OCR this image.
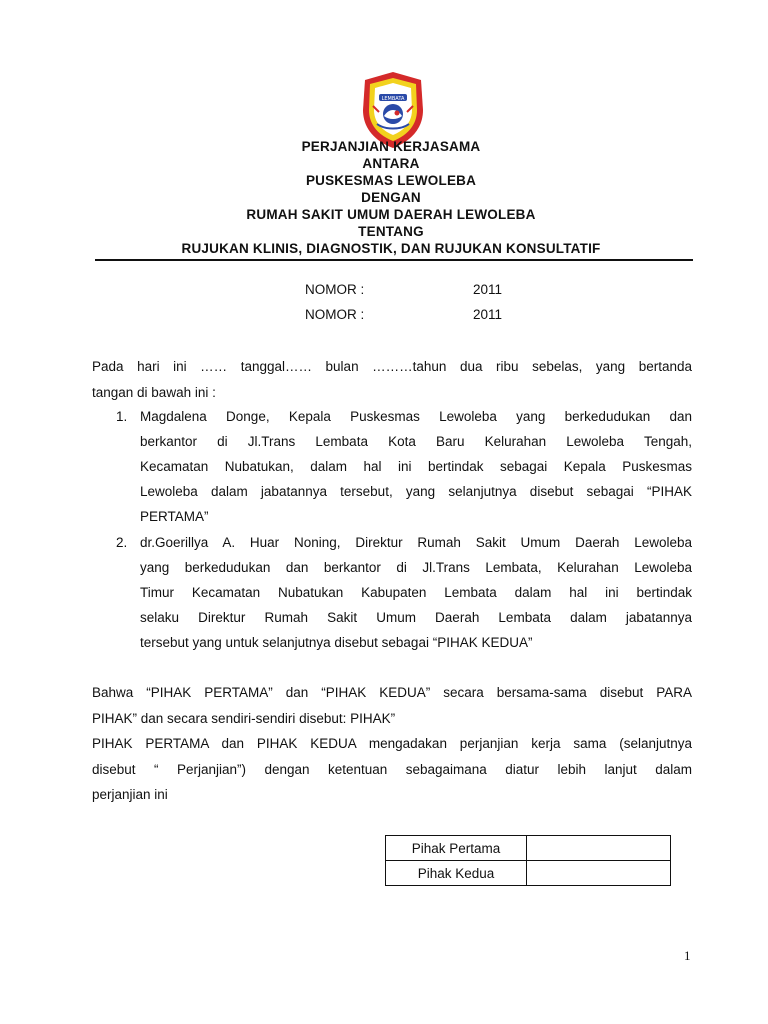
LEMBATA
PERJANJIAN KERJASAMA
ANTARA
PUSKESMAS LEWOLEBA
DENGAN
RUMAH SAKIT UMUM DAERAH LEWOLEBA
TENTANG
RUJUKAN KLINIS, DIAGNOSTIK, DAN RUJUKAN KONSULTATIF
NOMOR :	2011
NOMOR :	2011
Pada hari ini …… tanggal…… bulan ………tahun dua ribu sebelas, yang bertanda
tangan di bawah ini :
1. Magdalena Donge, Kepala Puskesmas Lewoleba yang berkedudukan dan
berkantor di Jl.Trans Lembata Kota Baru Kelurahan Lewoleba Tengah,
Kecamatan Nubatukan, dalam hal ini bertindak sebagai Kepala Puskesmas
Lewoleba dalam jabatannya tersebut, yang selanjutnya disebut sebagai “PIHAK
PERTAMA”
2. dr.Goerillya A. Huar Noning, Direktur Rumah Sakit Umum Daerah Lewoleba
yang berkedudukan dan berkantor di Jl.Trans Lembata, Kelurahan Lewoleba
Timur Kecamatan Nubatukan Kabupaten Lembata dalam hal ini bertindak
selaku Direktur Rumah Sakit Umum Daerah Lembata dalam jabatannya
tersebut yang untuk selanjutnya disebut sebagai “PIHAK KEDUA”
Bahwa “PIHAK PERTAMA” dan “PIHAK KEDUA” secara bersama-sama disebut PARA
PIHAK” dan secara sendiri-sendiri disebut: PIHAK”
PIHAK PERTAMA dan PIHAK KEDUA mengadakan perjanjian kerja sama (selanjutnya
disebut “ Perjanjian”) dengan ketentuan sebagaimana diatur lebih lanjut dalam
perjanjian ini
Pihak Pertama	
Pihak Kedua	
1
